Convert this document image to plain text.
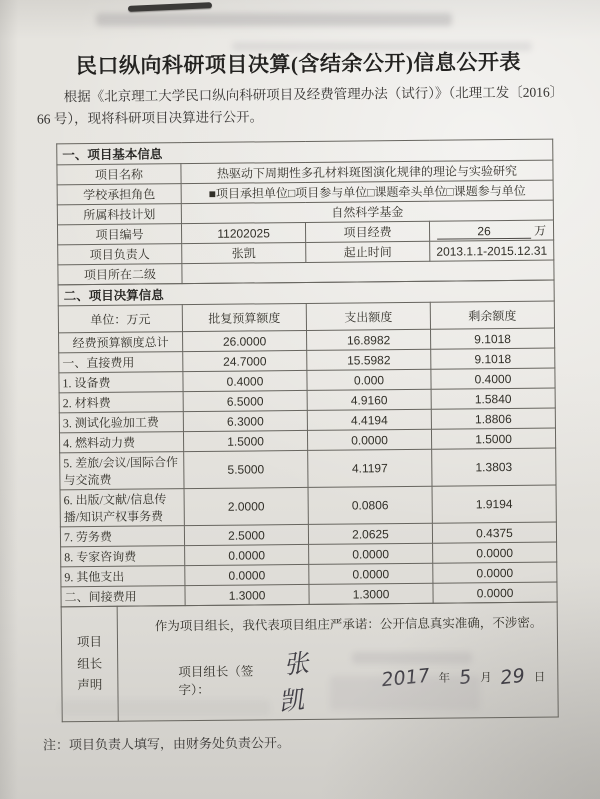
民口纵向科研项目决算(含结余公开)信息公开表

根据《北京理工大学民口纵向科研项目及经费管理办法（试行）》（北理工发〔2016〕66 号），现将科研项目决算进行公开。

一、项目基本信息			
项目名称	热驱动下周期性多孔材料斑图演化规律的理论与实验研究		
学校承担角色	■项目承担单位□项目参与单位□课题牵头单位□课题参与单位		
所属科技计划	自然科学基金		
项目编号	11202025	项目经费	26 万
项目负责人	张凯	起止时间	2013.1.1-2015.12.31
项目所在二级			
二、项目决算信息			
单位：万元	批复预算额度	支出额度	剩余额度
经费预算额度总计	26.0000	16.8982	9.1018
一、直接费用	24.7000	15.5982	9.1018
1. 设备费	0.4000	0.000	0.4000
2. 材料费	6.5000	4.9160	1.5840
3. 测试化验加工费	6.3000	4.4194	1.8806
4. 燃料动力费	1.5000	0.0000	1.5000
5. 差旅/会议/国际合作与交流费	5.5000	4.1197	1.3803
6. 出版/文献/信息传播/知识产权事务费	2.0000	0.0806	1.9194
7. 劳务费	2.5000	2.0625	0.4375
8. 专家咨询费	0.0000	0.0000	0.0000
9. 其他支出	0.0000	0.0000	0.0000
二、间接费用	1.3000	1.3000	0.0000
项目
组长
声明

作为项目组长，我代表项目组庄严承诺：公开信息真实准确，不涉密。

项目组长（签字）：
张凯
2017 年 5 月 29 日

注：项目负责人填写，由财务处负责公开。
